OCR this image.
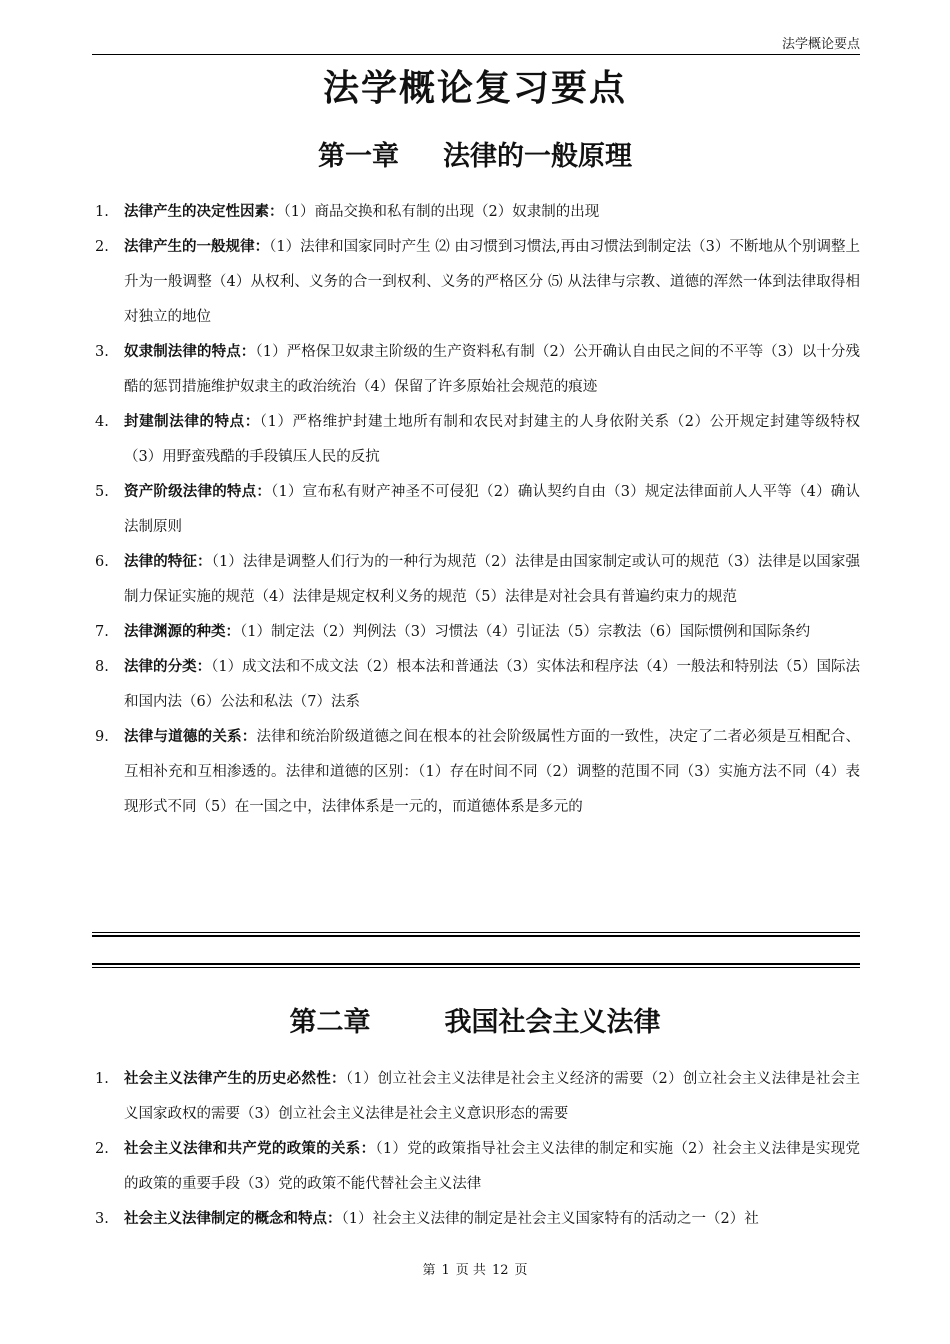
法学概论要点
法学概论复习要点
第一章 法律的一般原理
1. 法律产生的决定性因素：（1）商品交换和私有制的出现（2）奴隶制的出现
2. 法律产生的一般规律：（1）法律和国家同时产生 ⑵ 由习惯到习惯法,再由习惯法到制定法（3）不断地从个别调整上升为一般调整（4）从权利、义务的合一到权利、义务的严格区分 ⑸ 从法律与宗教、道德的浑然一体到法律取得相对独立的地位
3. 奴隶制法律的特点：（1）严格保卫奴隶主阶级的生产资料私有制（2）公开确认自由民之间的不平等（3）以十分残酷的惩罚措施维护奴隶主的政治统治（4）保留了许多原始社会规范的痕迹
4. 封建制法律的特点：（1）严格维护封建土地所有制和农民对封建主的人身依附关系（2）公开规定封建等级特权（3）用野蛮残酷的手段镇压人民的反抗
5. 资产阶级法律的特点：（1）宣布私有财产神圣不可侵犯（2）确认契约自由（3）规定法律面前人人平等（4）确认法制原则
6. 法律的特征：（1）法律是调整人们行为的一种行为规范（2）法律是由国家制定或认可的规范（3）法律是以国家强制力保证实施的规范（4）法律是规定权利义务的规范（5）法律是对社会具有普遍约束力的规范
7. 法律渊源的种类：（1）制定法（2）判例法（3）习惯法（4）引证法（5）宗教法（6）国际惯例和国际条约
8. 法律的分类：（1）成文法和不成文法（2）根本法和普通法（3）实体法和程序法（4）一般法和特别法（5）国际法和国内法（6）公法和私法（7）法系
9. 法律与道德的关系：法律和统治阶级道德之间在根本的社会阶级属性方面的一致性，决定了二者必须是互相配合、互相补充和互相渗透的。法律和道德的区别：（1）存在时间不同（2）调整的范围不同（3）实施方法不同（4）表现形式不同（5）在一国之中，法律体系是一元的，而道德体系是多元的
第二章	我国社会主义法律
1. 社会主义法律产生的历史必然性：（1）创立社会主义法律是社会主义经济的需要（2）创立社会主义法律是社会主义国家政权的需要（3）创立社会主义法律是社会主义意识形态的需要
2. 社会主义法律和共产党的政策的关系：（1）党的政策指导社会主义法律的制定和实施（2）社会主义法律是实现党的政策的重要手段（3）党的政策不能代替社会主义法律
3. 社会主义法律制定的概念和特点：（1）社会主义法律的制定是社会主义国家特有的活动之一（2）社
第 1 页 共 12 页
